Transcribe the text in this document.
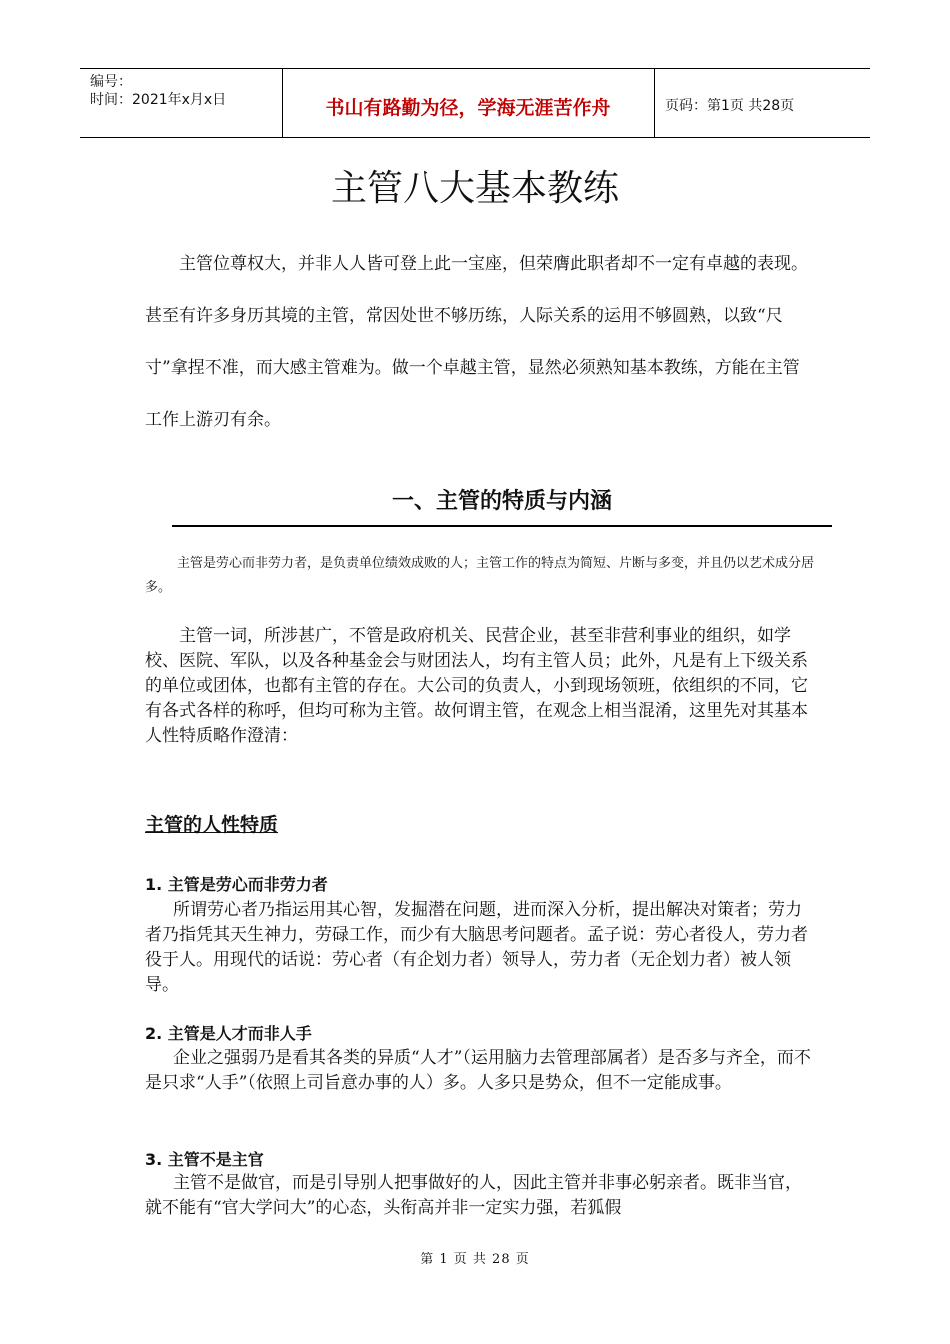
编号：
时间：2021年x月x日	书山有路勤为径，学海无涯苦作舟	页码：第1页 共28页
主管八大基本教练

主管位尊权大，并非人人皆可登上此一宝座，但荣膺此职者却不一定有卓越的表现。甚至有许多身历其境的主管，常因处世不够历练，人际关系的运用不够圆熟，以致“尺寸”拿捏不准，而大感主管难为。做一个卓越主管，显然必须熟知基本教练，方能在主管工作上游刃有余。

一、主管的特质与内涵

主管是劳心而非劳力者，是负责单位绩效成败的人；主管工作的特点为简短、片断与多变，并且仍以艺术成分居多。

主管一词，所涉甚广，不管是政府机关、民营企业，甚至非营利事业的组织，如学校、医院、军队，以及各种基金会与财团法人，均有主管人员；此外，凡是有上下级关系的单位或团体，也都有主管的存在。大公司的负责人，小到现场领班，依组织的不同，它有各式各样的称呼，但均可称为主管。故何谓主管，在观念上相当混淆，这里先对其基本人性特质略作澄清：

主管的人性特质
1. 主管是劳心而非劳力者

所谓劳心者乃指运用其心智，发掘潜在问题，进而深入分析，提出解决对策者；劳力者乃指凭其天生神力，劳碌工作，而少有大脑思考问题者。孟子说：劳心者役人，劳力者役于人。用现代的话说：劳心者（有企划力者）领导人，劳力者（无企划力者）被人领导。

2. 主管是人才而非人手

企业之强弱乃是看其各类的异质“人才”（运用脑力去管理部属者）是否多与齐全，而不是只求“人手”（依照上司旨意办事的人）多。人多只是势众，但不一定能成事。

3. 主管不是主官

主管不是做官，而是引导别人把事做好的人，因此主管并非事必躬亲者。既非当官，就不能有“官大学问大”的心态，头衔高并非一定实力强，若狐假

第 1 页 共 28 页
